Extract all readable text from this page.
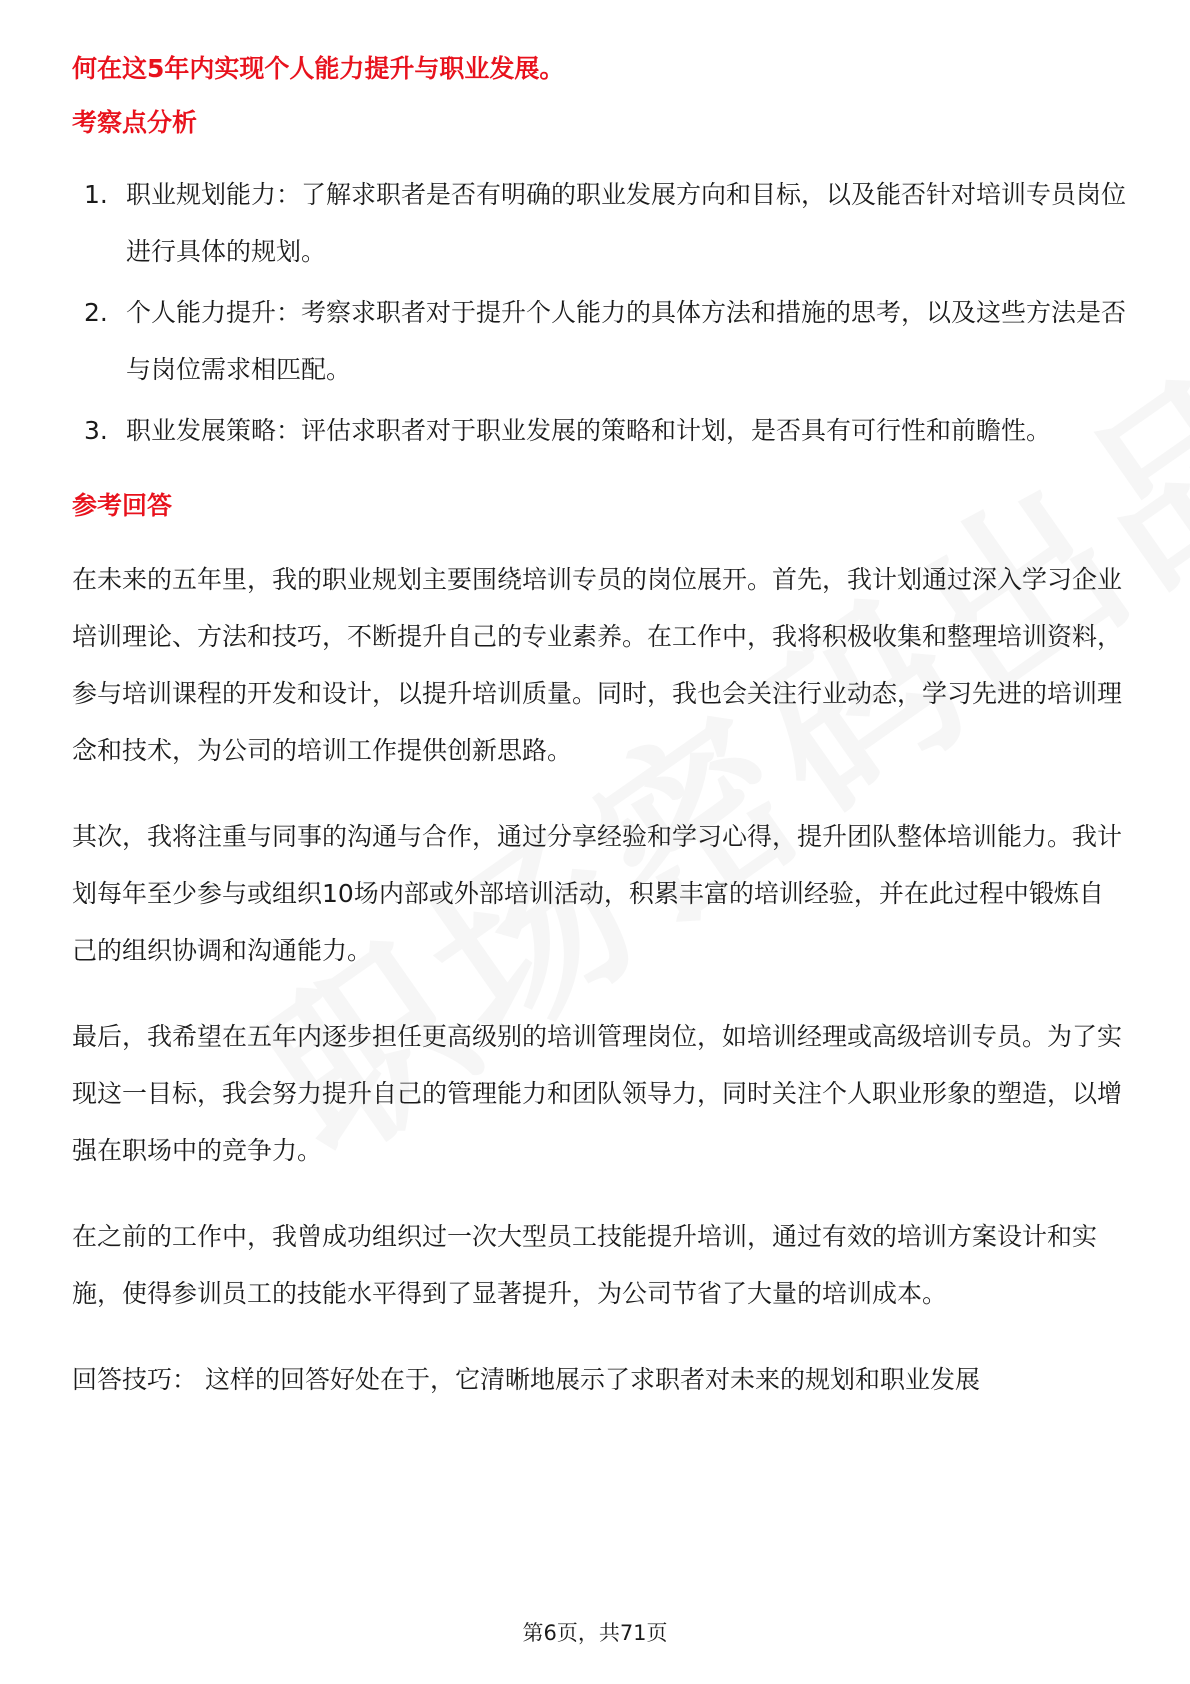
何在这5年内实现个人能力提升与职业发展。

考察点分析

1. 职业规划能力：了解求职者是否有明确的职业发展方向和目标，以及能否针对培训专员岗位进行具体的规划。
2. 个人能力提升：考察求职者对于提升个人能力的具体方法和措施的思考，以及这些方法是否与岗位需求相匹配。
3. 职业发展策略：评估求职者对于职业发展的策略和计划，是否具有可行性和前瞻性。

参考回答

在未来的五年里，我的职业规划主要围绕培训专员的岗位展开。首先，我计划通过深入学习企业培训理论、方法和技巧，不断提升自己的专业素养。在工作中，我将积极收集和整理培训资料，参与培训课程的开发和设计，以提升培训质量。同时，我也会关注行业动态，学习先进的培训理念和技术，为公司的培训工作提供创新思路。

其次，我将注重与同事的沟通与合作，通过分享经验和学习心得，提升团队整体培训能力。我计划每年至少参与或组织10场内部或外部培训活动，积累丰富的培训经验，并在此过程中锻炼自己的组织协调和沟通能力。

最后，我希望在五年内逐步担任更高级别的培训管理岗位，如培训经理或高级培训专员。为了实现这一目标，我会努力提升自己的管理能力和团队领导力，同时关注个人职业形象的塑造，以增强在职场中的竞争力。

在之前的工作中，我曾成功组织过一次大型员工技能提升培训，通过有效的培训方案设计和实施，使得参训员工的技能水平得到了显著提升，为公司节省了大量的培训成本。

回答技巧： 这样的回答好处在于，它清晰地展示了求职者对未来的规划和职业发展

第6页，共71页
